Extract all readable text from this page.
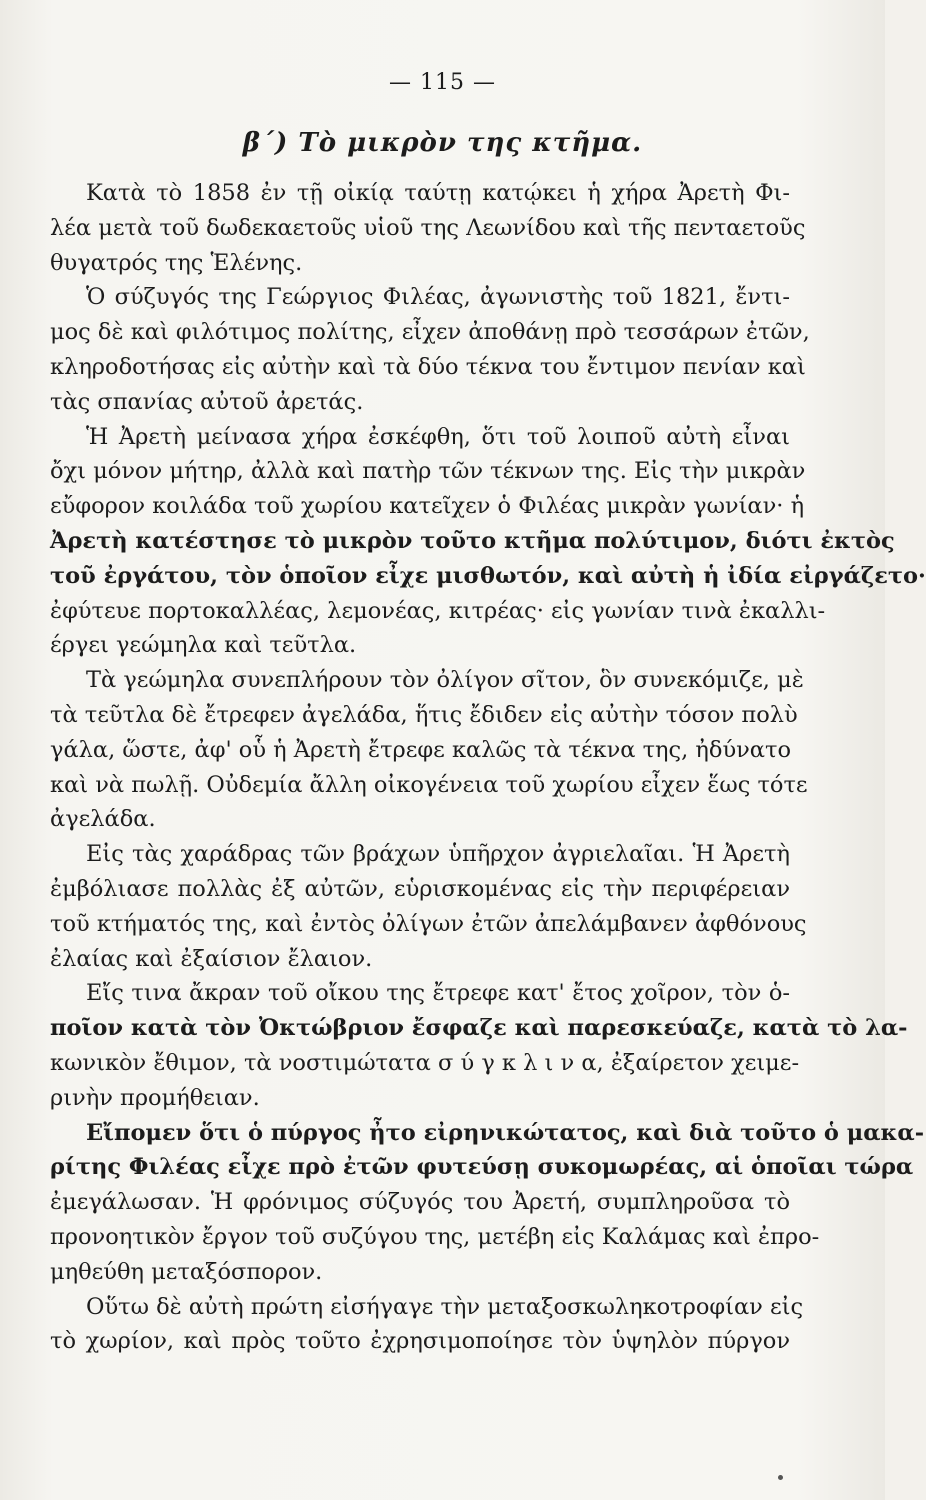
— 115 —
β΄) Τὸ μικρὸν της κτῆμα.
Κατὰ τὸ 1858 ἐν τῇ οἰκίᾳ ταύτῃ κατῴκει ἡ χήρα Ἀρετὴ Φι-
λέα μετὰ τοῦ δωδεκαετοῦς υἱοῦ της Λεωνίδου καὶ τῆς πενταετοῦς
θυγατρός της Ἑλένης.
Ὁ σύζυγός της Γεώργιος Φιλέας, ἀγωνιστὴς τοῦ 1821, ἔντι-
μος δὲ καὶ φιλότιμος πολίτης, εἶχεν ἀποθάνῃ πρὸ τεσσάρων ἐτῶν,
κληροδοτήσας εἰς αὐτὴν καὶ τὰ δύο τέκνα του ἔντιμον πενίαν καὶ
τὰς σπανίας αὐτοῦ ἀρετάς.
Ἡ Ἀρετὴ μείνασα χήρα ἐσκέφθη, ὅτι τοῦ λοιποῦ αὐτὴ εἶναι
ὄχι μόνον μήτηρ, ἀλλὰ καὶ πατὴρ τῶν τέκνων της. Εἰς τὴν μικρὰν
εὔφορον κοιλάδα τοῦ χωρίου κατεῖχεν ὁ Φιλέας μικρὰν γωνίαν· ἡ
Ἀρετὴ κατέστησε τὸ μικρὸν τοῦτο κτῆμα πολύτιμον, διότι ἐκτὸς
τοῦ ἐργάτου, τὸν ὁποῖον εἶχε μισθωτόν, καὶ αὐτὴ ἡ ἰδία εἰργάζετο·
ἐφύτευε πορτοκαλλέας, λεμονέας, κιτρέας· εἰς γωνίαν τινὰ ἐκαλλι-
έργει γεώμηλα καὶ τεῦτλα.
Τὰ γεώμηλα συνεπλήρουν τὸν ὀλίγον σῖτον, ὃν συνεκόμιζε, μὲ
τὰ τεῦτλα δὲ ἔτρεφεν ἀγελάδα, ἥτις ἔδιδεν εἰς αὐτὴν τόσον πολὺ
γάλα, ὥστε, ἀφ' οὗ ἡ Ἀρετὴ ἔτρεφε καλῶς τὰ τέκνα της, ἠδύνατο
καὶ νὰ πωλῇ. Οὐδεμία ἄλλη οἰκογένεια τοῦ χωρίου εἶχεν ἕως τότε
ἀγελάδα.
Εἰς τὰς χαράδρας τῶν βράχων ὑπῆρχον ἀγριελαῖαι. Ἡ Ἀρετὴ
ἐμβόλιασε πολλὰς ἐξ αὐτῶν, εὑρισκομένας εἰς τὴν περιφέρειαν
τοῦ κτήματός της, καὶ ἐντὸς ὀλίγων ἐτῶν ἀπελάμβανεν ἀφθόνους
ἐλαίας καὶ ἐξαίσιον ἔλαιον.
Εἴς τινα ἄκραν τοῦ οἴκου της ἔτρεφε κατ' ἔτος χοῖρον, τὸν ὁ-
ποῖον κατὰ τὸν Ὀκτώβριον ἔσφαζε καὶ παρεσκεύαζε, κατὰ τὸ λα-
κωνικὸν ἔθιμον, τὰ νοστιμώτατα σ ύ γ κ λ ι ν α, ἐξαίρετον χειμε-
ρινὴν προμήθειαν.
Εἴπομεν ὅτι ὁ πύργος ἦτο εἰρηνικώτατος, καὶ διὰ τοῦτο ὁ μακα-
ρίτης Φιλέας εἶχε πρὸ ἐτῶν φυτεύσῃ συκομωρέας, αἱ ὁποῖαι τώρα
ἐμεγάλωσαν. Ἡ φρόνιμος σύζυγός του Ἀρετή, συμπληροῦσα τὸ
προνοητικὸν ἔργον τοῦ συζύγου της, μετέβη εἰς Καλάμας καὶ ἐπρο-
μηθεύθη μεταξόσπορον.
Οὕτω δὲ αὐτὴ πρώτη εἰσήγαγε τὴν μεταξοσκωληκοτροφίαν εἰς
τὸ χωρίον, καὶ πρὸς τοῦτο ἐχρησιμοποίησε τὸν ὑψηλὸν πύργον
